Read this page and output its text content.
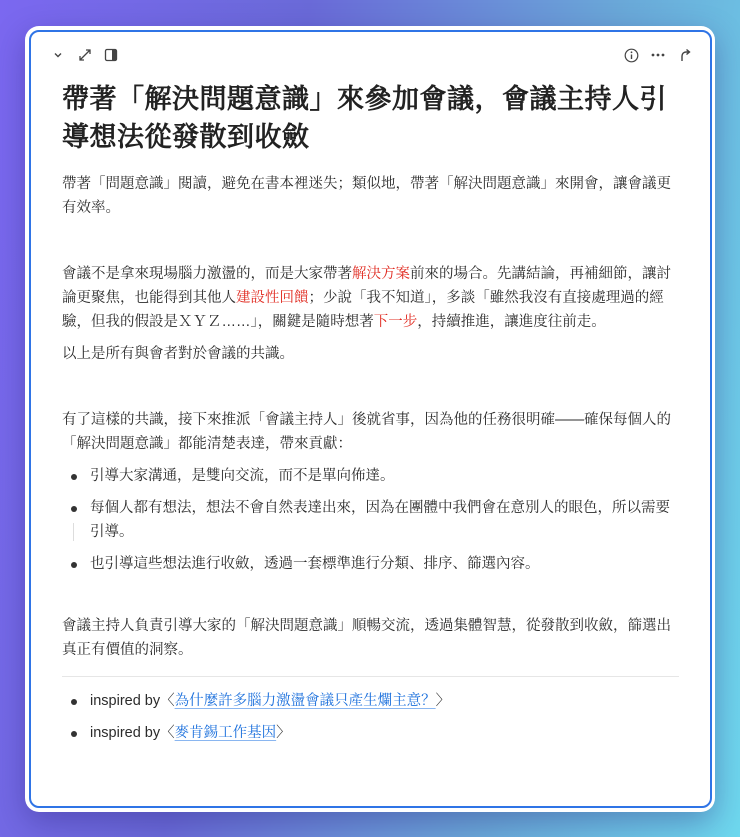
帶著「解決問題意識」來參加會議，會議主持人引導想法從發散到收斂

帶著「問題意識」閱讀，避免在書本裡迷失；類似地，帶著「解決問題意識」來開會，讓會議更有效率。

會議不是拿來現場腦力激盪的，而是大家帶著解決方案前來的場合。先講結論，再補細節，讓討論更聚焦，也能得到其他人建設性回饋；少說「我不知道」，多談「雖然我沒有直接處理過的經驗，但我的假設是ＸＹＺ……」，關鍵是隨時想著下一步，持續推進，讓進度往前走。

以上是所有與會者對於會議的共識。

有了這樣的共識，接下來推派「會議主持人」後就省事，因為他的任務很明確——確保每個人的「解決問題意識」都能清楚表達，帶來貢獻：

引導大家溝通，是雙向交流，而不是單向佈達。
每個人都有想法，想法不會自然表達出來，因為在團體中我們會在意別人的眼色，所以需要引導。
也引導這些想法進行收斂，透過一套標準進行分類、排序、篩選內容。

會議主持人負責引導大家的「解決問題意識」順暢交流，透過集體智慧，從發散到收斂，篩選出真正有價值的洞察。

inspired by〈為什麼許多腦力激盪會議只產生爛主意？〉
inspired by〈麥肯錫工作基因〉
